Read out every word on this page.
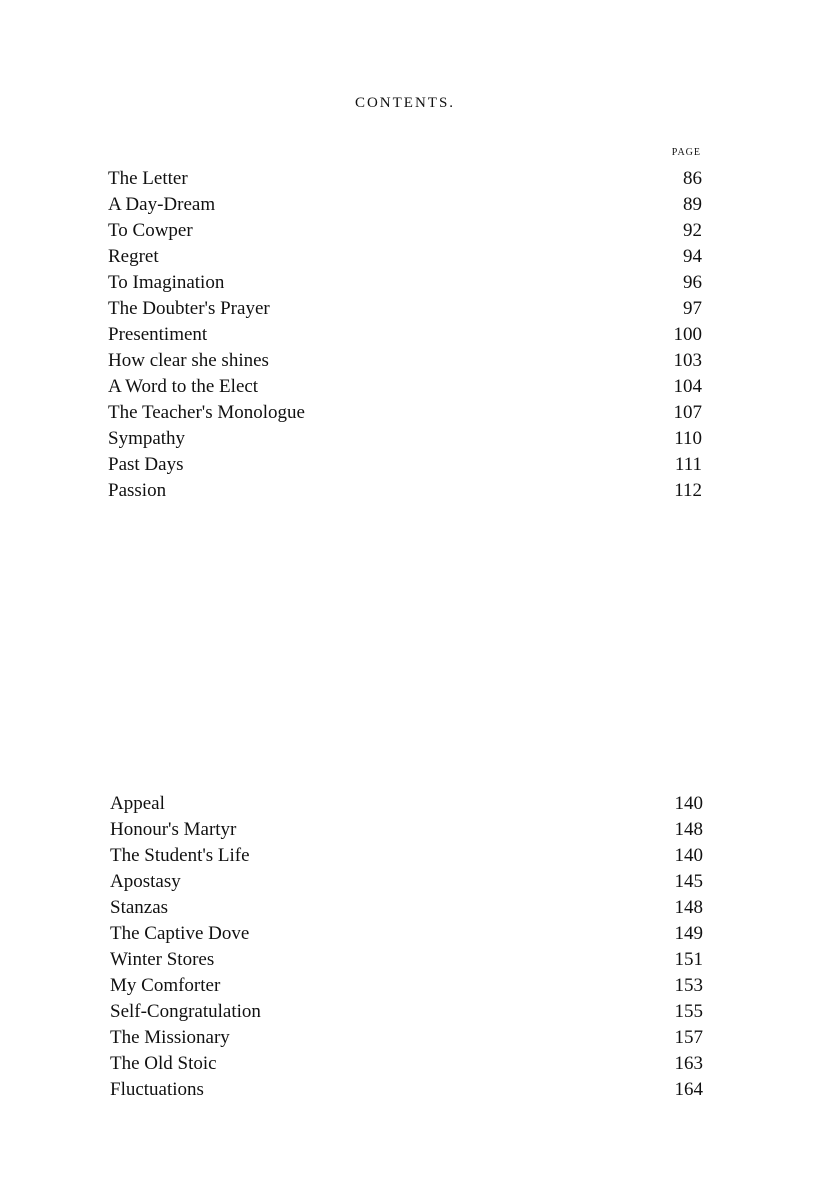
CONTENTS.
PAGE
The Letter	86
A Day-Dream	89
To Cowper	92
Regret	94
To Imagination	96
The Doubter's Prayer	97
Presentiment	100
How clear she shines	103
A Word to the Elect	104
The Teacher's Monologue	107
Sympathy	110
Past Days	111
Passion	112
Appeal	140
Honour's Martyr	148
The Student's Life	140
Apostasy	145
Stanzas	148
The Captive Dove	149
Winter Stores	151
My Comforter	153
Self-Congratulation	155
The Missionary	157
The Old Stoic	163
Fluctuations	164
